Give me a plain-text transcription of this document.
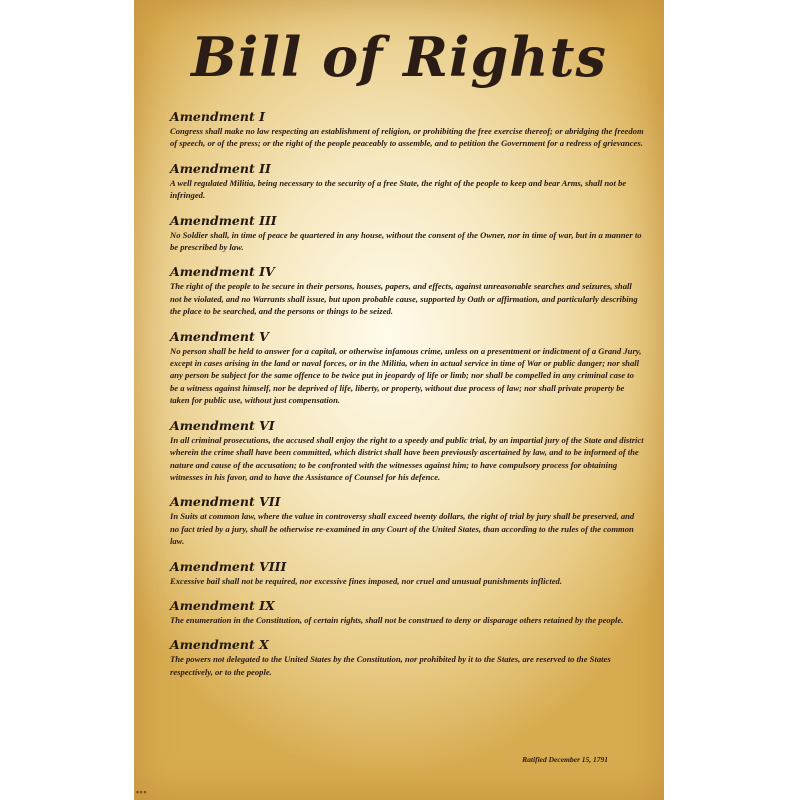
Bill of Rights

Amendment I

Congress shall make no law respecting an establishment of religion, or prohibiting the free exercise thereof; or abridging the freedom of speech, or of the press; or the right of the people peaceably to assemble, and to petition the Government for a redress of grievances.

Amendment II

A well regulated Militia, being necessary to the security of a free State, the right of the people to keep and bear Arms, shall not be infringed.

Amendment III

No Soldier shall, in time of peace be quartered in any house, without the consent of the Owner, nor in time of war, but in a manner to be prescribed by law.

Amendment IV

The right of the people to be secure in their persons, houses, papers, and effects, against unreasonable searches and seizures, shall not be violated, and no Warrants shall issue, but upon probable cause, supported by Oath or affirmation, and particularly describing the place to be searched, and the persons or things to be seized.

Amendment V

No person shall be held to answer for a capital, or otherwise infamous crime, unless on a presentment or indictment of a Grand Jury, except in cases arising in the land or naval forces, or in the Militia, when in actual service in time of War or public danger; nor shall any person be subject for the same offence to be twice put in jeopardy of life or limb; nor shall be compelled in any criminal case to be a witness against himself, nor be deprived of life, liberty, or property, without due process of law; nor shall private property be taken for public use, without just compensation.

Amendment VI

In all criminal prosecutions, the accused shall enjoy the right to a speedy and public trial, by an impartial jury of the State and district wherein the crime shall have been committed, which district shall have been previously ascertained by law, and to be informed of the nature and cause of the accusation; to be confronted with the witnesses against him; to have compulsory process for obtaining witnesses in his favor, and to have the Assistance of Counsel for his defence.

Amendment VII

In Suits at common law, where the value in controversy shall exceed twenty dollars, the right of trial by jury shall be preserved, and no fact tried by a jury, shall be otherwise re-examined in any Court of the United States, than according to the rules of the common law.

Amendment VIII

Excessive bail shall not be required, nor excessive fines imposed, nor cruel and unusual punishments inflicted.

Amendment IX

The enumeration in the Constitution, of certain rights, shall not be construed to deny or disparage others retained by the people.

Amendment X

The powers not delegated to the United States by the Constitution, nor prohibited by it to the States, are reserved to the States respectively, or to the people.

Ratified December 15, 1791
■ ■ ■
